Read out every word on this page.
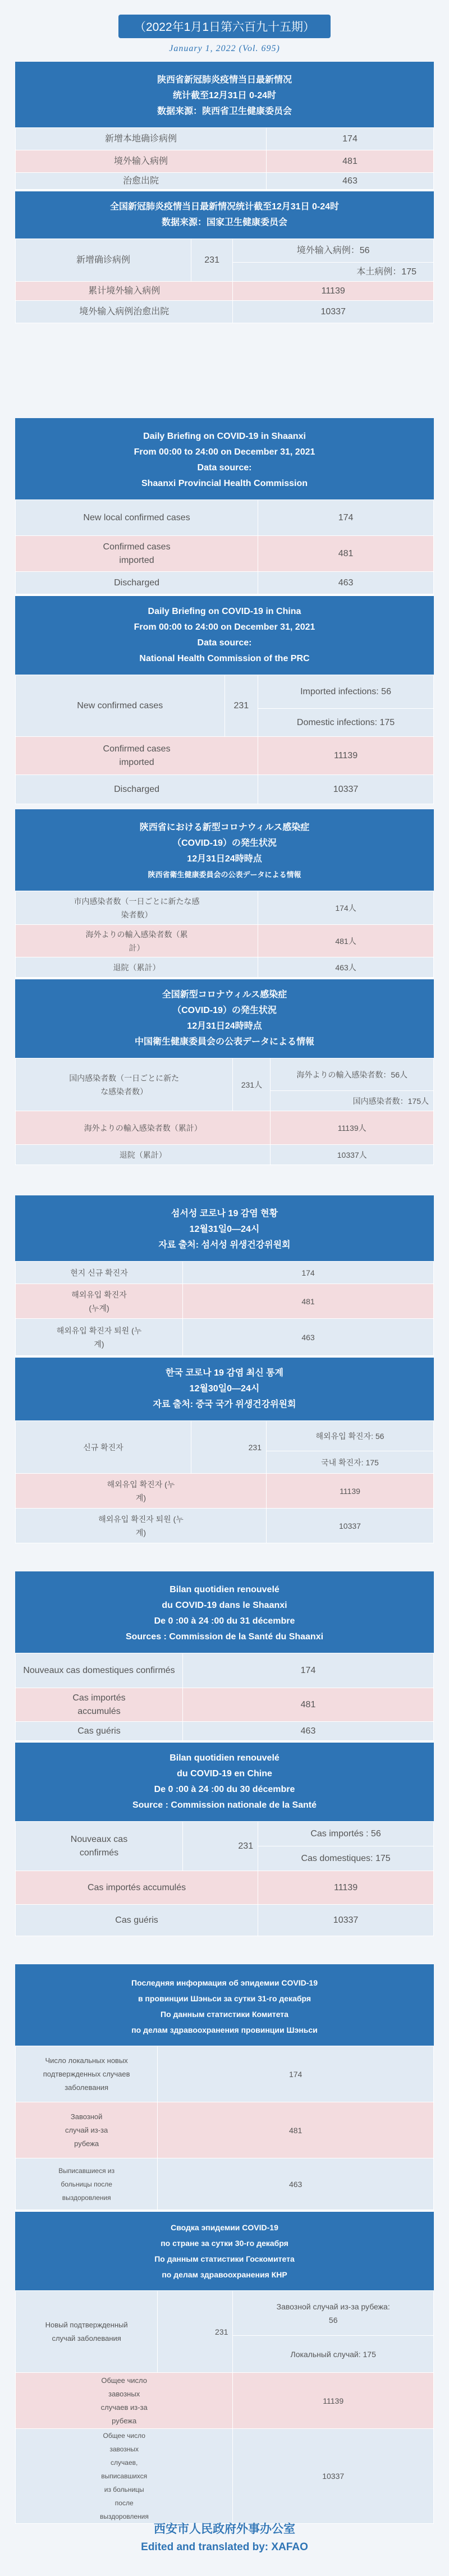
（2022年1月1日第六百九十五期）
January 1, 2022 (Vol. 695)
陕西省新冠肺炎疫情当日最新情况
统计截至12月31日 0-24时
数据来源：陕西省卫生健康委员会
新增本地确诊病例	174
境外输入病例	481
治愈出院	463
全国新冠肺炎疫情当日最新情况统计截至12月31日 0-24时
数据来源：国家卫生健康委员会
新增确诊病例	231	境外输入病例：56
		本土病例：175
累计境外输入病例		11139
境外输入病例治愈出院		10337
Daily Briefing on COVID-19 in Shaanxi
From 00:00 to 24:00 on December 31, 2021
Data source:
Shaanxi Provincial Health Commission
New local confirmed cases	174
Confirmed cases imported	481
Discharged	463
Daily Briefing on COVID-19 in China
From 00:00 to 24:00 on December 31, 2021
Data source:
National Health Commission of the PRC
New confirmed cases	231	Imported infections: 56
		Domestic infections: 175
Confirmed cases imported		11139
Discharged		10337
陝西省における新型コロナウィルス感染症
（COVID-19）の発生状況
12月31日24時時点
陝西省衛生健康委員会の公表データによる情報
市内感染者数（一日ごとに新たな感染者数）	174人
海外よりの輸入感染者数（累計）	481人
退院（累計）	463人
全国新型コロナウィルス感染症
（COVID-19）の発生状況
12月31日24時時点
中国衛生健康委員会の公表データによる情報
国内感染者数（一日ごとに新たな感染者数）	231人	海外よりの輸入感染者数：56人
		国内感染者数：175人
海外よりの輸入感染者数（累計）		11139人
退院（累計）		10337人
섬서성 코로나 19 감염 현황
12월31일0—24시
자료 출처: 섬서성 위생건강위원회
현지 신규 확진자	174
해외유입 확진자 (누계)	481
해외유입 확진자 퇴원 (누계)	463
한국 코로나 19 감염 최신 통계
12월30일0—24시
자료 출처: 중국 국가 위생건강위원회
신규 확진자	231	해외유입 확진자: 56
		국내 확진자: 175
해외유입 확진자 (누계)		11139
해외유입 확진자 퇴원 (누계)		10337
Bilan quotidien renouvelé
du COVID-19 dans le Shaanxi
De 0 :00 à 24 :00 du 31 décembre
Sources : Commission de la Santé du Shaanxi
Nouveaux cas domestiques confirmés	174
Cas importés accumulés	481
Cas guéris	463
Bilan quotidien renouvelé
du COVID-19 en Chine
De 0 :00 à 24 :00 du 30 décembre
Source : Commission nationale de la Santé
Nouveaux cas confirmés	231	Cas importés : 56
		Cas domestiques: 175
Cas importés accumulés		11139
Cas guéris		10337
Последняя информация об эпидемии COVID-19
в провинции Шэньси за сутки 31-го декабря
По данным статистики Комитета
по делам здравоохранения провинции Шэньси
Число локальных новых подтвержденных случаев заболевания	174
Завозной случай из-за рубежа	481
Выписавшиеся из больницы после выздоровления	463
Сводка эпидемии COVID-19
по стране за сутки 30-го декабря
По данным статистики Госкомитета
по делам здравоохранения КНР
Новый подтвержденный случай заболевания	231	Завозной случай из-за рубежа: 56
		Локальный случай: 175
Общее число завозных случаев из-за рубежа		11139
Общее число завозных случаев, выписавшихся из больницы после выздоровления		10337
西安市人民政府外事办公室
Edited and translated by: XAFAO
